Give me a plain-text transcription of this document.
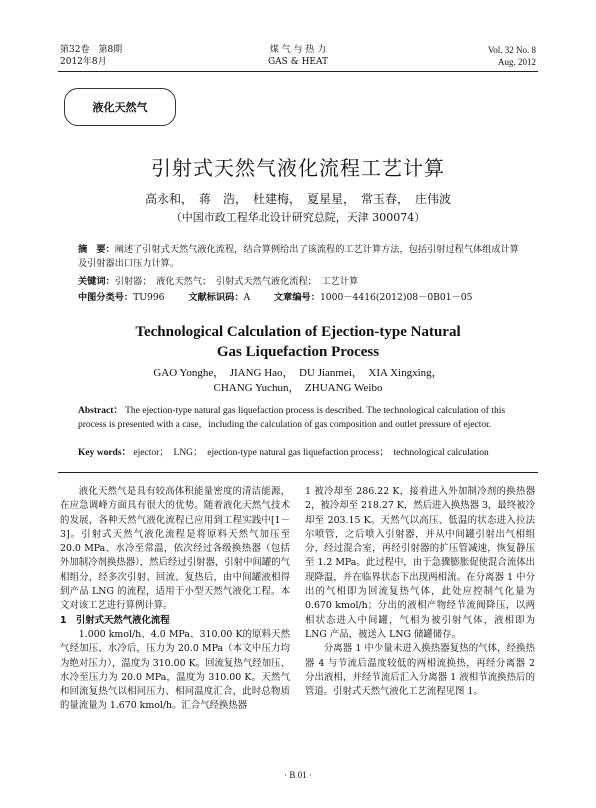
第32卷　第8期
2012年8月
煤 气 与 热 力
GAS & HEAT
Vol. 32 No. 8
Aug. 2012
液化天然气
引射式天然气液化流程工艺计算
高永和，　蒋　浩，　杜建梅，　夏星星，　常玉春，　庄伟波
（中国市政工程华北设计研究总院，天津 300074）
摘　要：阐述了引射式天然气液化流程，结合算例给出了该流程的工艺计算方法，包括引射过程气体组成计算及引射器出口压力计算。
关键词：引射器；　液化天然气；　引射式天然气液化流程；　工艺计算
中图分类号：TU996	文献标识码：A	文章编号：1000－4416(2012)08－0B01－05
Technological Calculation of Ejection-type Natural
Gas Liquefaction Process
GAO Yonghe，　JIANG Hao，　DU Jianmei，　XIA Xingxing，
CHANG Yuchun，　ZHUANG Weibo
Abstract： The ejection-type natural gas liquefaction process is described. The technological calculation of this process is presented with a case，including the calculation of gas composition and outlet pressure of ejector.
Key words： ejector；　LNG；　ejection-type natural gas liquefaction process；　technological calculation

液化天然气是具有较高体积能量密度的清洁能源，在应急调峰方面具有很大的优势。随着液化天然气技术的发展，各种天然气液化流程已应用到工程实践中[1－3]。引射式天然气液化流程是将原料天然气加压至 20.0 MPa、水冷至常温，依次经过各级换热器（包括外加制冷剂换热器），然后经过引射器，引射中间罐的气相组分，经多次引射、回流、复热后，由中间罐液相得到产品 LNG 的流程，适用于小型天然气液化工程。本文对该工艺进行算例计算。

1　引射式天然气液化流程

1.000 kmol/h、4.0 MPa、310.00 K的原料天然气经加压、水冷后，压力为 20.0 MPa（本文中压力均为绝对压力），温度为 310.00 K。回流复热气经加压、水冷至压力为 20.0 MPa，温度为 310.00 K。天然气和回流复热气以相同压力、相同温度汇合，此时总物质的量流量为 1.670 kmol/h。汇合气经换热器

1 被冷却至 286.22 K，接着进入外加制冷剂的换热器 2，被冷却至 218.27 K，然后进入换热器 3，最终被冷却至 203.15 K。天然气以高压、低温的状态进入拉法尔喷管，之后喷入引射器，并从中间罐引射出气相组分，经过混合室，再经引射器的扩压管减速，恢复静压至 1.2 MPa。此过程中，由于急骤膨胀促使混合流体出现降温，并在临界状态下出现两相流。在分离器 1 中分出的气相即为回流复热气体，此处应控制气化量为 0.670 kmol/h；分出的液相产物经节流阀降压，以两相状态进入中间罐，气相为被引射气体，液相即为 LNG 产品，被送入 LNG 储罐储存。

分离器 1 中少量未进入换热器复热的气体，经换热器 4 与节流后温度较低的两相流换热，再经分离器 2 分出液相，并经节流后汇入分离器 1 液相节流换热后的管道。引射式天然气液化工艺流程见图 1。

· B 01 ·
